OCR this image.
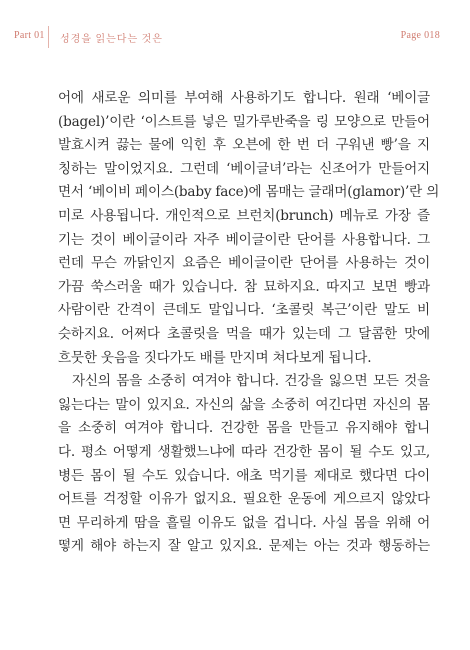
Part 01 성경을 읽는다는 것은	Page 018
어에 새로운 의미를 부여해 사용하기도 합니다. 원래 ‘베이글
(bagel)’이란 ‘이스트를 넣은 밀가루반죽을 링 모양으로 만들어
발효시켜 끓는 물에 익힌 후 오븐에 한 번 더 구워낸 빵’을 지
칭하는 말이었지요. 그런데 ‘베이글녀’라는 신조어가 만들어지
면서 ‘베이비 페이스(baby face)에 몸매는 글래머(glamor)’란 의
미로 사용됩니다. 개인적으로 브런치(brunch) 메뉴로 가장 즐
기는 것이 베이글이라 자주 베이글이란 단어를 사용합니다. 그
런데 무슨 까닭인지 요즘은 베이글이란 단어를 사용하는 것이
가끔 쑥스러울 때가 있습니다. 참 묘하지요. 따지고 보면 빵과
사람이란 간격이 큰데도 말입니다. ‘초콜릿 복근’이란 말도 비
슷하지요. 어쩌다 초콜릿을 먹을 때가 있는데 그 달콤한 맛에
흐뭇한 웃음을 짓다가도 배를 만지며 쳐다보게 됩니다.
자신의 몸을 소중히 여겨야 합니다. 건강을 잃으면 모든 것을
잃는다는 말이 있지요. 자신의 삶을 소중히 여긴다면 자신의 몸
을 소중히 여겨야 합니다. 건강한 몸을 만들고 유지해야 합니
다. 평소 어떻게 생활했느냐에 따라 건강한 몸이 될 수도 있고,
병든 몸이 될 수도 있습니다. 애초 먹기를 제대로 했다면 다이
어트를 걱정할 이유가 없지요. 필요한 운동에 게으르지 않았다
면 무리하게 땀을 흘릴 이유도 없을 겁니다. 사실 몸을 위해 어
떻게 해야 하는지 잘 알고 있지요. 문제는 아는 것과 행동하는
